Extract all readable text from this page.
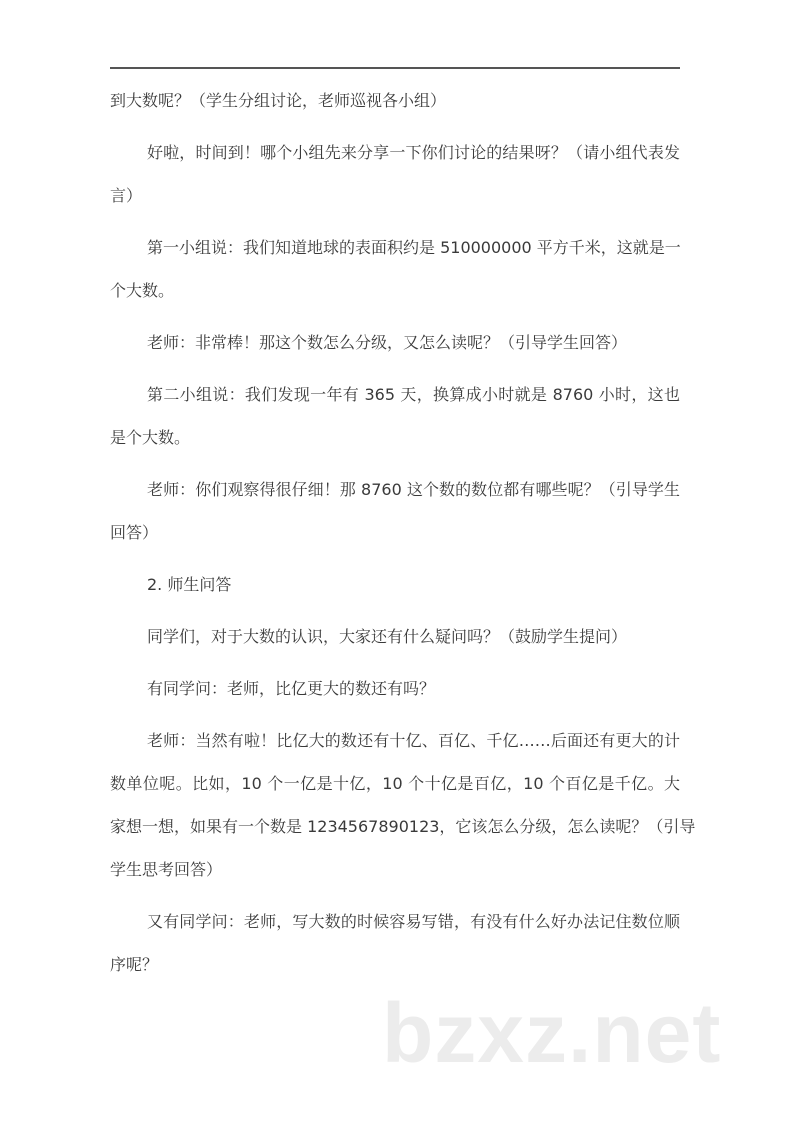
到大数呢？（学生分组讨论，老师巡视各小组）
好啦，时间到！哪个小组先来分享一下你们讨论的结果呀？（请小组代表发
言）
第一小组说：我们知道地球的表面积约是 510000000 平方千米，这就是一
个大数。
老师：非常棒！那这个数怎么分级，又怎么读呢？（引导学生回答）
第二小组说：我们发现一年有 365 天，换算成小时就是 8760 小时，这也
是个大数。
老师：你们观察得很仔细！那 8760 这个数的数位都有哪些呢？（引导学生
回答）
2. 师生问答
同学们，对于大数的认识，大家还有什么疑问吗？（鼓励学生提问）
有同学问：老师，比亿更大的数还有吗？
老师：当然有啦！比亿大的数还有十亿、百亿、千亿……后面还有更大的计
数单位呢。比如，10 个一亿是十亿，10 个十亿是百亿，10 个百亿是千亿。大
家想一想，如果有一个数是 1234567890123，它该怎么分级，怎么读呢？（引导
学生思考回答）
又有同学问：老师，写大数的时候容易写错，有没有什么好办法记住数位顺
序呢？
bzxz.net
